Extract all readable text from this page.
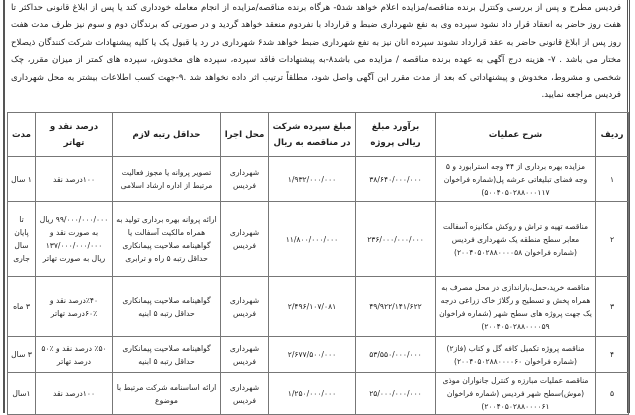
فردیس مطرح و پس از بررسی وکنترل برنده مناقصه/مزایده اعلام خواهد شد۵- هرگاه برنده مناقصه/مزایده از انجام معامله خودداری کند یا پس از ابلاغ قانونی حداکثر تا هفت روز حاضر به انعقاد قرار داد نشود سپرده وی به نفع شهرداری ضبط و قرارداد با نفردوم منعقد خواهد گردید و در صورتی که برندگان دوم و سوم نیز ظرف مدت هفت روز پس از ابلاغ قانونی حاضر به عقد قرارداد نشوند سپرده انان نیز به نفع شهرداری ضبط خواهد شد۶ شهرداری در رد یا قبول یک یا کلیه پیشنهادات شرکت کنندگان ذیصلاح مختار می باشد . ۷- هزینه درج آگهی به عهده برنده مناقصه / مزایده می باشد۸-به پیشنهادات فاقد سپرده، سپرده های مخدوش، سپرده های کمتر از میزان مقرر، چک شخصی و مشروط، مخدوش و پیشنهاداتی که بعد از مدت مقرر این آگهی واصل شود، مطلقاً ترتیب اثر داده نخواهد شد .۹-جهت کسب اطلاعات بیشتر به محل شهرداری فردیس مراجعه نمایید.

ردیف	شرح عملیات	برآورد مبلغ ریالی پروژه	مبلغ سپرده شرکت در مناقصه به ریال	محل اجرا	حداقل رتبه لازم	درصد نقد و تهاتر	مدت
۱	مزایده بهره برداری از ۴۴ وجه استرابورد و ۵ وجه فضای تبلیغاتی عرشه پل(شماره فراخوان ۵۰۰۴۰۵۰۲۸۸۰۰۰۱۱۷)	۳۸/۶۴۰/۰۰۰/۰۰۰	۱/۹۳۲/۰۰۰/۰۰۰	شهرداری فردیس	تصویر پروانه یا مجوز فعالیت مرتبط از اداره ارشاد اسلامی	۱۰۰درصد نقد	۱ سال
۲	مناقصه تهیه و تراش و روکش مکانیزه آسفالت معابر سطح منطقه یک شهرداری فردیس (شماره فراخوان ۲۰۰۴۰۵۰۲۸۸۰۰۰۰۵۸)	۲۳۶/۰۰۰/۰۰۰/۰۰۰	۱۱/۸۰۰/۰۰۰/۰۰۰	شهرداری فردیس	ارائه پروانه بهره برداری تولید به همراه مالکیت آسفالت یا گواهینامه صلاحیت پیمانکاری حداقل رتبه ۵ راه و ترابری	۹۹/۰۰۰/۰۰۰/۰۰۰ ریال به صورت نقد و ۱۳۷/۰۰۰/۰۰۰/۰۰۰ ریال به صورت تهاتر	تا پایان سال جاری
۳	مناقصه خرید،حمل،باراندازی در محل مصرف به همراه پخش و تسطیح و رگلاژ خاک زراعی درجه یک جهت پروژه های سطح شهر (شماره فراخوان ۲۰۰۴۰۵۰۲۸۸۰۰۰۰۵۹)	۴۹/۹۲۲/۱۴۱/۶۲۲	۲/۴۹۶/۱۰۷/۰۸۱	شهرداری فردیس	گواهینامه صلاحیت پیمانکاری حداقل رتبه ۵ ابنیه	٪۴۰درصد نقد و ٪۶۰درصد تهاتر	۳ ماه
۴	مناقصه پروژه تکمیل کافه گل و کتاب (فاز۲) (شماره فراخوان ۲۰۰۴۰۵۰۲۸۸۰۰۰۰۶۰)	۵۳/۵۵۰/۰۰۰/۰۰۰	۲/۶۷۷/۵۰۰/۰۰۰	شهرداری فردیس	گواهینامه صلاحیت پیمانکاری حداقل رتبه ۵ ابنیه	٪۵۰ درصد نقد و ٪۵۰ درصد تهاتر	۳ سال
۵	مناقصه عملیات مبارزه و کنترل جانواران موذی (موش)سطح شهر فردیس (شماره فراخوان ۲۰۰۴۰۵۰۲۸۸۰۰۰۰۶۱)	۲۵/۰۰۰/۰۰۰/۰۰۰	۱/۲۵۰/۰۰۰/۰۰۰	شهرداری فردیس	ارائه اساسنامه شرکت مرتبط با موضوع	۱۰۰درصد نقد	۱سال
